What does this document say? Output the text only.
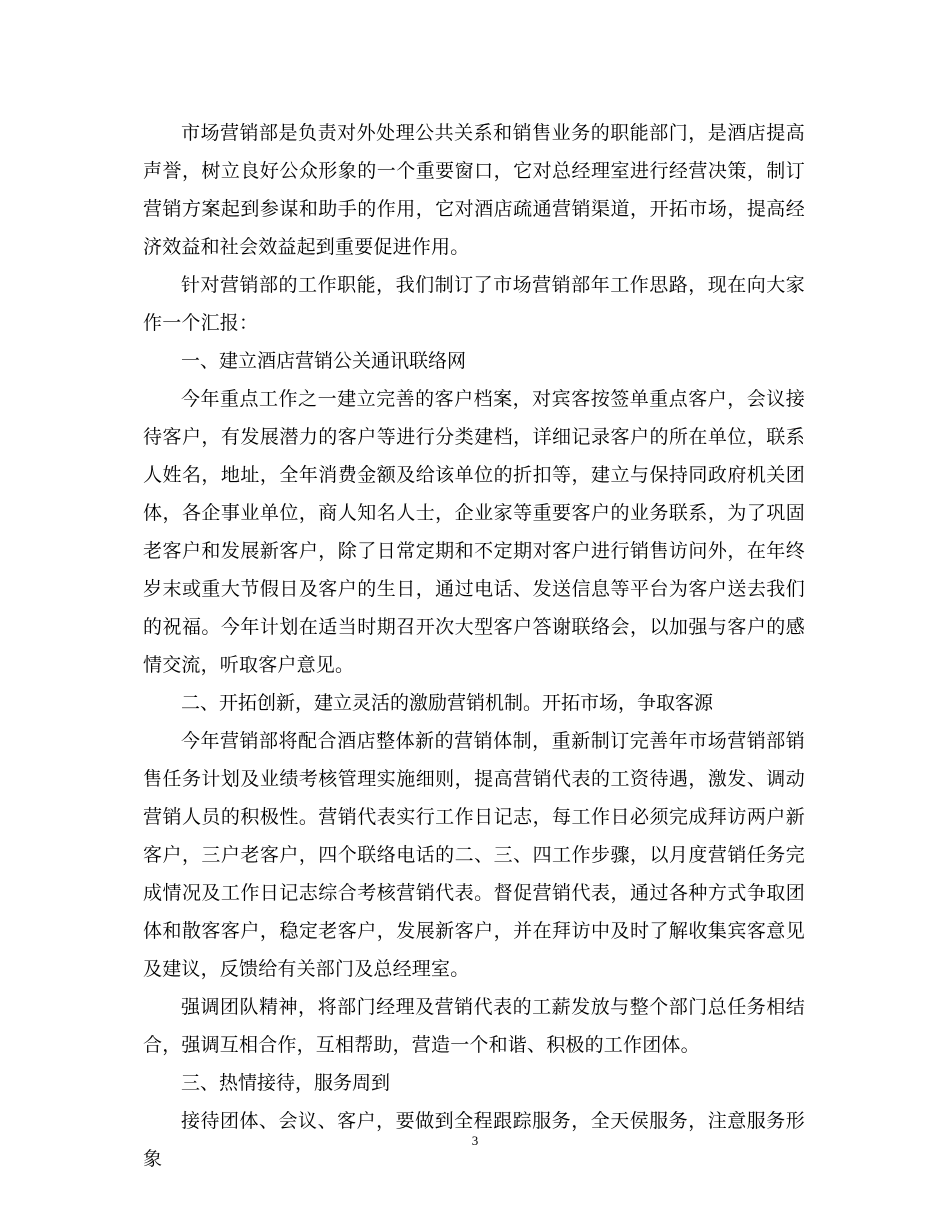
市场营销部是负责对外处理公共关系和销售业务的职能部门，是酒店提高声誉，树立良好公众形象的一个重要窗口，它对总经理室进行经营决策，制订营销方案起到参谋和助手的作用，它对酒店疏通营销渠道，开拓市场，提高经济效益和社会效益起到重要促进作用。

针对营销部的工作职能，我们制订了市场营销部年工作思路，现在向大家作一个汇报：

一、建立酒店营销公关通讯联络网

今年重点工作之一建立完善的客户档案，对宾客按签单重点客户，会议接待客户，有发展潜力的客户等进行分类建档，详细记录客户的所在单位，联系人姓名，地址，全年消费金额及给该单位的折扣等，建立与保持同政府机关团体，各企事业单位，商人知名人士，企业家等重要客户的业务联系，为了巩固老客户和发展新客户，除了日常定期和不定期对客户进行销售访问外，在年终岁末或重大节假日及客户的生日，通过电话、发送信息等平台为客户送去我们的祝福。今年计划在适当时期召开次大型客户答谢联络会，以加强与客户的感情交流，听取客户意见。

二、开拓创新，建立灵活的激励营销机制。开拓市场，争取客源

今年营销部将配合酒店整体新的营销体制，重新制订完善年市场营销部销售任务计划及业绩考核管理实施细则，提高营销代表的工资待遇，激发、调动营销人员的积极性。营销代表实行工作日记志，每工作日必须完成拜访两户新客户，三户老客户，四个联络电话的二、三、四工作步骤，以月度营销任务完成情况及工作日记志综合考核营销代表。督促营销代表，通过各种方式争取团体和散客客户，稳定老客户，发展新客户，并在拜访中及时了解收集宾客意见及建议，反馈给有关部门及总经理室。

强调团队精神，将部门经理及营销代表的工薪发放与整个部门总任务相结合，强调互相合作，互相帮助，营造一个和谐、积极的工作团体。

三、热情接待，服务周到

接待团体、会议、客户，要做到全程跟踪服务，全天侯服务，注意服务形象

3
